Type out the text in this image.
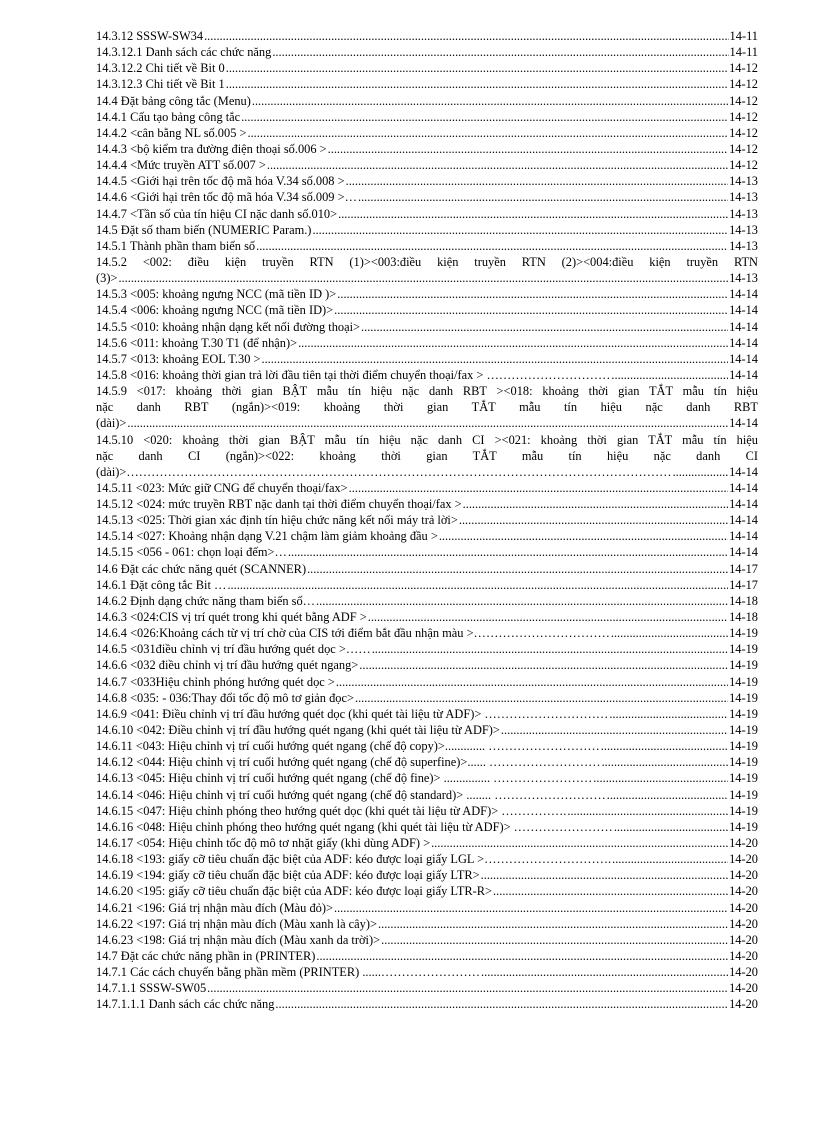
14.3.12 SSSW-SW34 .....	14-11
14.3.12.1 Danh sách các chức năng .....	14-11
14.3.12.2 Chi tiết về Bit 0 .....	14-12
14.3.12.3 Chi tiết về Bit 1 .....	14-12
14.4 Đặt bảng công tắc (Menu) .....	14-12
14.4.1 Cấu tạo bảng công tắc .....	14-12
14.4.2 <cân bằng NL số.005 > .....	14-12
14.4.3 <bộ kiểm tra đường điện thoại số.006 > .....	14-12
14.4.4 <Mức truyền ATT số.007 > .....	14-12
14.4.5 <Giới hại trên tốc độ mã hóa V.34 số.008 > .....	14-13
14.4.6 <Giới hại trên tốc độ mã hóa V.34 số.009 >… .....	14-13
14.4.7 <Tần số của tín hiệu CI nặc danh số.010> .....	14-13
14.5 Đặt số tham biến (NUMERIC Param.) .....	14-13
14.5.1 Thành phần tham biến số .....	14-13
14.5.2 <002: điều kiện truyền RTN (1)><003:điều kiện truyền RTN (2)><004:điều kiện truyền RTN
(3)> .....	14-13
14.5.3 <005: khoảng ngưng NCC (mã tiền ID )> .....	14-14
14.5.4 <006: khoảng ngưng NCC (mã tiền ID)> .....	14-14
14.5.5 <010: khoảng nhận dạng kết nối đường thoại> .....	14-14
14.5.6 <011: khoảng T.30 T1 (để nhận)> .....	14-14
14.5.7 <013: khoảng EOL T.30 > .....	14-14
14.5.8 <016: khoảng thời gian trả lời đầu tiên tại thời điểm chuyển thoại/fax > ………………………… .....	14-14
14.5.9 <017: khoảng thời gian BẬT mẫu tín hiệu nặc danh RBT ><018: khoảng thời gian TẮT mẫu tín hiệu
nặc danh RBT (ngắn)><019: khoảng thời gian TẮT mẫu tín hiệu nặc danh RBT
(dài)> .....	14-14
14.5.10 <020: khoảng thời gian BẬT mẫu tín hiệu nặc danh CI ><021: khoảng thời gian TẮT mẫu tín hiệu
nặc danh CI (ngắn)><022: khoảng thời gian TẮT mẫu tín hiệu nặc danh CI
(dài)>…………………………………………………………………………………………………………………… .....	14-14
14.5.11 <023: Mức giữ CNG để chuyển thoại/fax> .....	14-14
14.5.12 <024: mức truyền RBT nặc danh tại thời điểm chuyển thoại/fax > .....	14-14
14.5.13 <025: Thời gian xác định tín hiệu chức năng kết nối máy trả lời> .....	14-14
14.5.14 <027: Khoảng nhận dạng V.21 chậm làm giảm khoảng đầu > .....	14-14
14.5.15 <056 - 061: chọn loại đếm>… .....	14-14
14.6 Đặt các chức năng quét (SCANNER) .....	14-17
14.6.1 Đặt công tắc Bit … .....	14-17
14.6.2 Định dạng chức năng tham biến số… .....	14-18
14.6.3 <024:CIS vị trí quét trong khi quét bằng ADF > .....	14-18
14.6.4 <026:Khoảng cách từ vị trí chờ của CIS tới điểm bắt đầu nhận màu >…………………………… .....	14-19
14.6.5 <031điều chỉnh vị trí đầu hướng quét dọc >…… .....	14-19
14.6.6 <032 điều chỉnh vị trí đầu hướng quét ngang> .....	14-19
14.6.7 <033Hiệu chỉnh phóng hướng quét dọc > .....	14-19
14.6.8 <035: - 036:Thay đổi tốc độ mô tơ giản đọc> .....	14-19
14.6.9 <041: Điều chỉnh vị trí đầu hướng quét dọc (khi quét tài liệu từ ADF)> ………………………… .....	14-19
14.6.10 <042: Điều chỉnh vị trí đầu hướng quét ngang (khi quét tài liệu từ ADF)> .....	14-19
14.6.11 <043: Hiệu chỉnh vị trí cuối hướng quét ngang (chế độ copy)>............. ……………………… .....	14-19
14.6.12 <044: Hiệu chỉnh vị trí cuối hướng quét ngang (chế độ superfine)>...... ……………………… .....	14-19
14.6.13 <045: Hiệu chỉnh vị trí cuối hướng quét ngang (chế độ fine)> ............... …………………… .....	14-19
14.6.14 <046: Hiệu chỉnh vị trí cuối hướng quét ngang (chế độ standard)> ........ ……………………… .....	14-19
14.6.15 <047: Hiệu chỉnh phóng theo hướng quét dọc (khi quét tài liệu từ ADF)> ……………. .....	14-19
14.6.16 <048: Hiệu chỉnh phóng theo hướng quét ngang (khi quét tài liệu từ ADF)> …………………… .....	14-19
14.6.17 <054: Hiệu chỉnh tốc độ mô tơ nhặt giấy (khi dùng ADF) > .....	14-20
14.6.18 <193: giấy cỡ tiêu chuẩn đặc biệt của ADF: kéo được loại giấy LGL >…………………………. .....	14-20
14.6.19 <194: giấy cỡ tiêu chuẩn đặc biệt của ADF: kéo được loại giấy LTR> .....	14-20
14.6.20 <195: giấy cỡ tiêu chuẩn đặc biệt của ADF: kéo được loại giấy LTR-R> .....	14-20
14.6.21 <196: Giá trị nhận màu đích (Màu đỏ)> .....	14-20
14.6.22 <197: Giá trị nhận màu đích (Màu xanh là cây)> .....	14-20
14.6.23 <198: Giá trị nhận màu đích (Màu xanh da trời)> .....	14-20
14.7 Đặt các chức năng phần in (PRINTER) .....	14-20
14.7.1 Các cách chuyển bằng phần mềm (PRINTER) ......…………………… .....	14-20
14.7.1.1 SSSW-SW05 .....	14-20
14.7.1.1.1 Danh sách các chức năng .....	14-20
